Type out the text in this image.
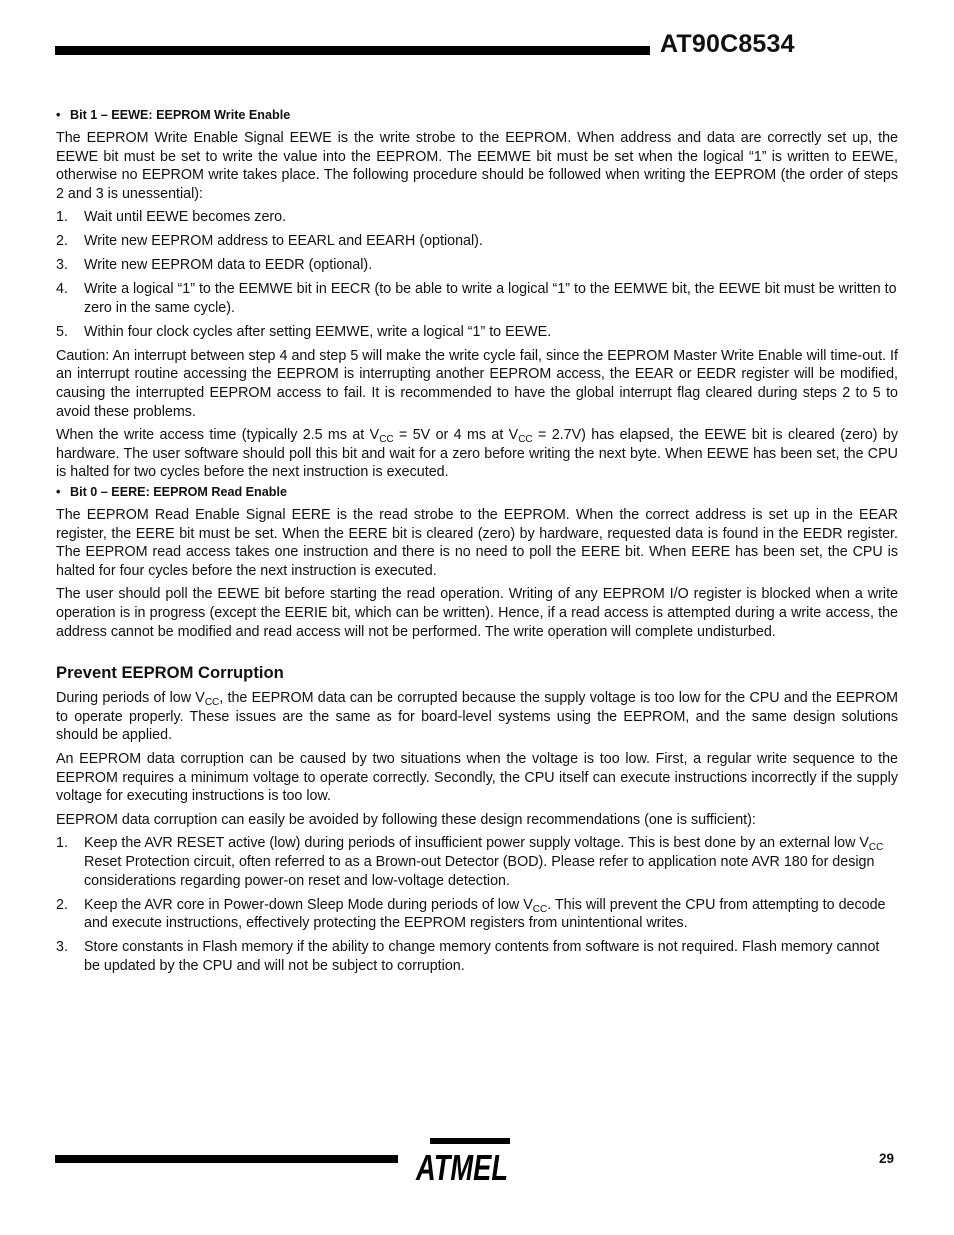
AT90C8534
• Bit 1 – EEWE: EEPROM Write Enable

The EEPROM Write Enable Signal EEWE is the write strobe to the EEPROM. When address and data are correctly set up, the EEWE bit must be set to write the value into the EEPROM. The EEMWE bit must be set when the logical “1” is written to EEWE, otherwise no EEPROM write takes place. The following procedure should be followed when writing the EEPROM (the order of steps 2 and 3 is unessential):

1. Wait until EEWE becomes zero.
2. Write new EEPROM address to EEARL and EEARH (optional).
3. Write new EEPROM data to EEDR (optional).
4. Write a logical “1” to the EEMWE bit in EECR (to be able to write a logical “1” to the EEMWE bit, the EEWE bit must be written to zero in the same cycle).
5. Within four clock cycles after setting EEMWE, write a logical “1” to EEWE.

Caution: An interrupt between step 4 and step 5 will make the write cycle fail, since the EEPROM Master Write Enable will time-out. If an interrupt routine accessing the EEPROM is interrupting another EEPROM access, the EEAR or EEDR register will be modified, causing the interrupted EEPROM access to fail. It is recommended to have the global interrupt flag cleared during steps 2 to 5 to avoid these problems.

When the write access time (typically 2.5 ms at $V_{CC} = 5V$ or 4 ms at $V_{CC} = 2.7V$) has elapsed, the EEWE bit is cleared (zero) by hardware. The user software should poll this bit and wait for a zero before writing the next byte. When EEWE has been set, the CPU is halted for two cycles before the next instruction is executed.

• Bit 0 – EERE: EEPROM Read Enable

The EEPROM Read Enable Signal EERE is the read strobe to the EEPROM. When the correct address is set up in the EEAR register, the EERE bit must be set. When the EERE bit is cleared (zero) by hardware, requested data is found in the EEDR register. The EEPROM read access takes one instruction and there is no need to poll the EERE bit. When EERE has been set, the CPU is halted for four cycles before the next instruction is executed.

The user should poll the EEWE bit before starting the read operation. Writing of any EEPROM I/O register is blocked when a write operation is in progress (except the EERIE bit, which can be written). Hence, if a read access is attempted during a write access, the address cannot be modified and read access will not be performed. The write operation will complete undisturbed.

Prevent EEPROM Corruption

During periods of low $V_{CC}$, the EEPROM data can be corrupted because the supply voltage is too low for the CPU and the EEPROM to operate properly. These issues are the same as for board-level systems using the EEPROM, and the same design solutions should be applied.

An EEPROM data corruption can be caused by two situations when the voltage is too low. First, a regular write sequence to the EEPROM requires a minimum voltage to operate correctly. Secondly, the CPU itself can execute instructions incorrectly if the supply voltage for executing instructions is too low.

EEPROM data corruption can easily be avoided by following these design recommendations (one is sufficient):

1. Keep the AVR RESET active (low) during periods of insufficient power supply voltage. This is best done by an external low $V_{CC}$ Reset Protection circuit, often referred to as a Brown-out Detector (BOD). Please refer to application note AVR 180 for design considerations regarding power-on reset and low-voltage detection.
2. Keep the AVR core in Power-down Sleep Mode during periods of low $V_{CC}$. This will prevent the CPU from attempting to decode and execute instructions, effectively protecting the EEPROM registers from unintentional writes.
3. Store constants in Flash memory if the ability to change memory contents from software is not required. Flash memory cannot be updated by the CPU and will not be subject to corruption.
ATMEL	29
